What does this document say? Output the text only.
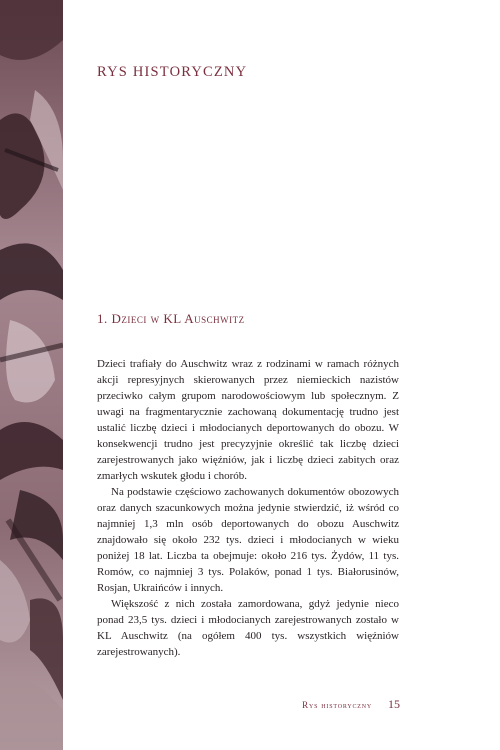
RYS HISTORYCZNY
1. Dzieci w KL Auschwitz

Dzieci trafiały do Auschwitz wraz z rodzinami w ramach różnych akcji represyjnych skierowanych przez niemieckich nazistów przeciwko całym grupom narodowościowym lub społecznym. Z uwagi na fragmentarycznie zachowaną dokumentację trudno jest ustalić liczbę dzieci i młodocianych deportowanych do obozu. W konsekwencji trudno jest precyzyjnie określić tak liczbę dzieci zarejestrowanych jako więźniów, jak i liczbę dzieci zabitych oraz zmarłych wskutek głodu i chorób.

Na podstawie częściowo zachowanych dokumentów obozowych oraz danych szacunkowych można jedynie stwierdzić, iż wśród co najmniej 1,3 mln osób deportowanych do obozu Auschwitz znajdowało się około 232 tys. dzieci i młodocianych w wieku poniżej 18 lat. Liczba ta obejmuje: około 216 tys. Żydów, 11 tys. Romów, co najmniej 3 tys. Polaków, ponad 1 tys. Białorusinów, Rosjan, Ukraińców i innych.

Większość z nich została zamordowana, gdyż jedynie nieco ponad 23,5 tys. dzieci i młodocianych zarejestrowanych zostało w KL Auschwitz (na ogółem 400 tys. wszystkich więźniów zarejestrowanych).

Rys historyczny 15
